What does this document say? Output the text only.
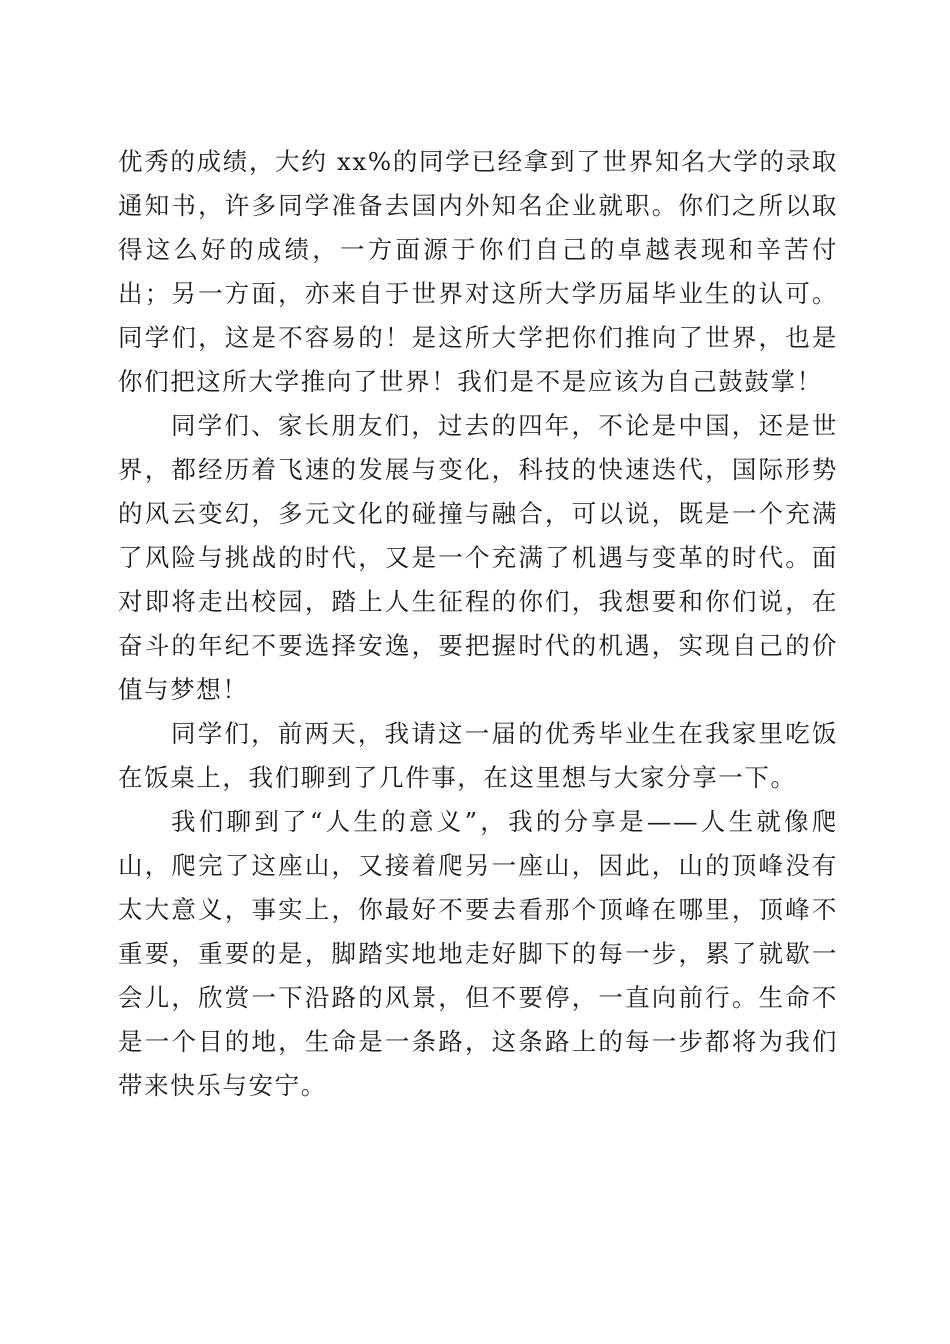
优秀的成绩，大约 xx%的同学已经拿到了世界知名大学的录取通知书，许多同学准备去国内外知名企业就职。你们之所以取得这么好的成绩，一方面源于你们自己的卓越表现和辛苦付出；另一方面，亦来自于世界对这所大学历届毕业生的认可。同学们，这是不容易的！是这所大学把你们推向了世界，也是你们把这所大学推向了世界！我们是不是应该为自己鼓鼓掌！

同学们、家长朋友们，过去的四年，不论是中国，还是世界，都经历着飞速的发展与变化，科技的快速迭代，国际形势的风云变幻，多元文化的碰撞与融合，可以说，既是一个充满了风险与挑战的时代，又是一个充满了机遇与变革的时代。面对即将走出校园，踏上人生征程的你们，我想要和你们说，在奋斗的年纪不要选择安逸，要把握时代的机遇，实现自己的价值与梦想！

同学们，前两天，我请这一届的优秀毕业生在我家里吃饭在饭桌上，我们聊到了几件事，在这里想与大家分享一下。

我们聊到了“人生的意义”，我的分享是——人生就像爬山，爬完了这座山，又接着爬另一座山，因此，山的顶峰没有太大意义，事实上，你最好不要去看那个顶峰在哪里，顶峰不重要，重要的是，脚踏实地地走好脚下的每一步，累了就歇一会儿，欣赏一下沿路的风景，但不要停，一直向前行。生命不是一个目的地，生命是一条路，这条路上的每一步都将为我们带来快乐与安宁。
